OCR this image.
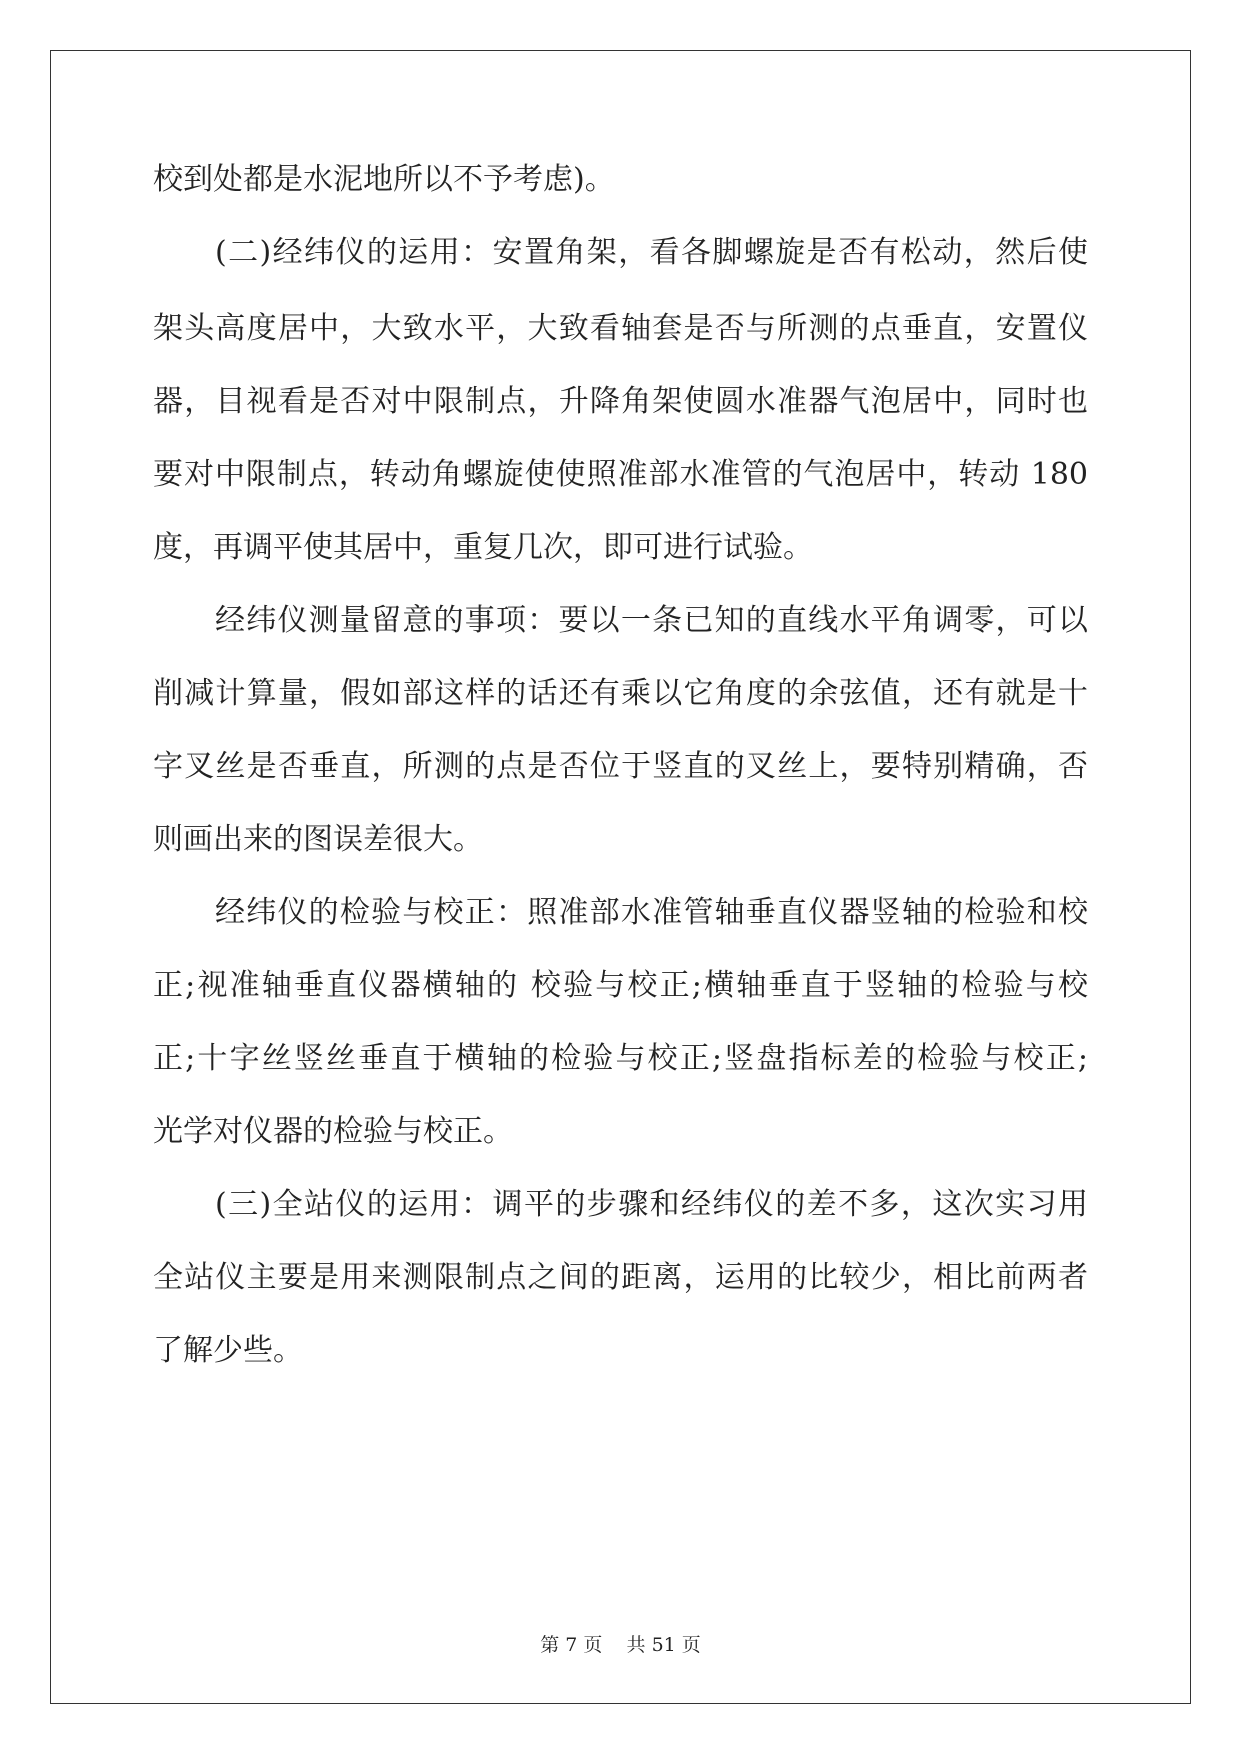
校到处都是水泥地所以不予考虑)。

(二)经纬仪的运用：安置角架，看各脚螺旋是否有松动，然后使

架头高度居中，大致水平，大致看轴套是否与所测的点垂直，安置仪

器，目视看是否对中限制点，升降角架使圆水准器气泡居中，同时也

要对中限制点，转动角螺旋使使照准部水准管的气泡居中，转动 180

度，再调平使其居中，重复几次，即可进行试验。

经纬仪测量留意的事项：要以一条已知的直线水平角调零，可以

削减计算量，假如部这样的话还有乘以它角度的余弦值，还有就是十

字叉丝是否垂直，所测的点是否位于竖直的叉丝上，要特别精确，否

则画出来的图误差很大。

经纬仪的检验与校正：照准部水准管轴垂直仪器竖轴的检验和校

正;视准轴垂直仪器横轴的 校验与校正;横轴垂直于竖轴的检验与校

正;十字丝竖丝垂直于横轴的检验与校正;竖盘指标差的检验与校正;

光学对仪器的检验与校正。

(三)全站仪的运用：调平的步骤和经纬仪的差不多，这次实习用

全站仪主要是用来测限制点之间的距离，运用的比较少，相比前两者

了解少些。

第 7 页 共 51 页
